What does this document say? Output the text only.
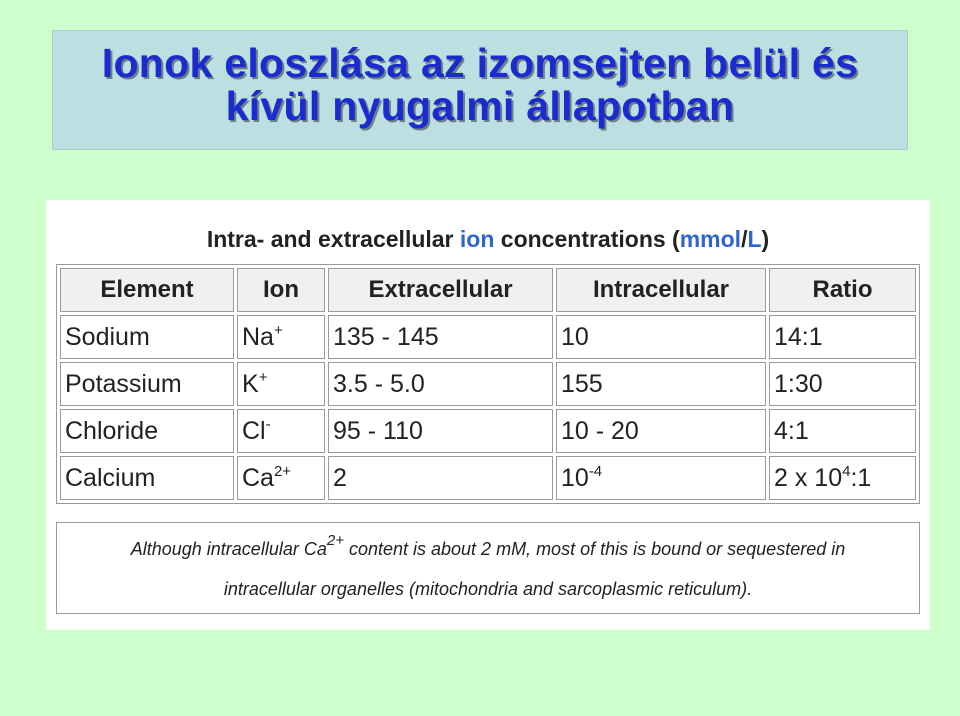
Ionok eloszlása az izomsejten belül és
kívül nyugalmi állapotban

Intra- and extracellular ion concentrations (mmol/L)
Element	Ion	Extracellular	Intracellular	Ratio
Sodium	Na+	135 - 145	10	14:1
Potassium	K+	3.5 - 5.0	155	1:30
Chloride	Cl-	95 - 110	10 - 20	4:1
Calcium	$Ca^{2+}$	2	$10^{-4}$	2 x $10^4:1$
Although intracellular $Ca^{2+}$ content is about 2 mM, most of this is bound or sequestered in
intracellular organelles (mitochondria and sarcoplasmic reticulum).
